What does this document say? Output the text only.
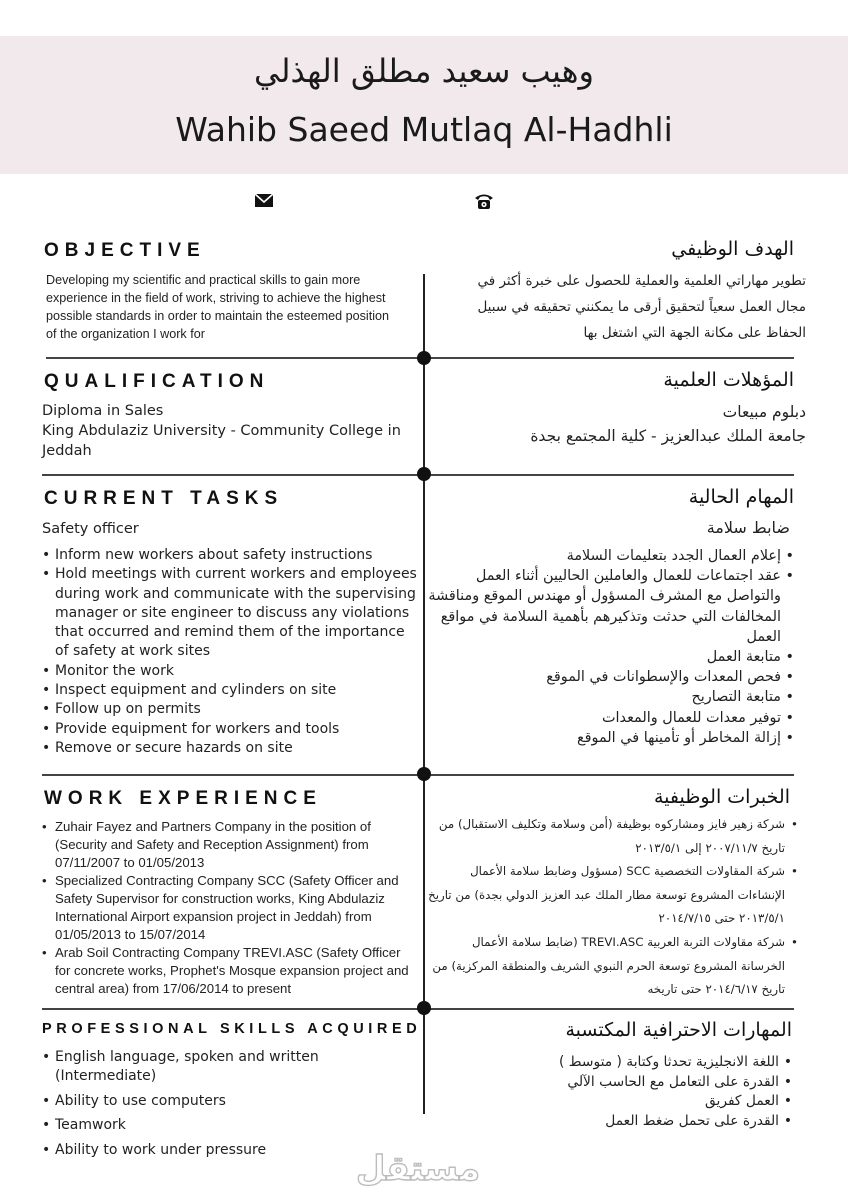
وهيب سعيد مطلق الهذلي
Wahib Saeed Mutlaq Al-Hadhli
OBJECTIVE	الهدف الوظيفي
Developing my scientific and practical skills to gain more
experience in the field of work, striving to achieve the highest
possible standards in order to maintain the esteemed position
of the organization I work for
تطوير مهاراتي العلمية والعملية للحصول على خبرة أكثر في
مجال العمل سعياً لتحقيق أرقى ما يمكنني تحقيقه في سبيل
الحفاظ على مكانة الجهة التي اشتغل بها
QUALIFICATION	المؤهلات العلمية
Diploma in Sales
King Abdulaziz University - Community College in
Jeddah
دبلوم مبيعات
جامعة الملك عبدالعزيز - كلية المجتمع بجدة
CURRENT TASKS	المهام الحالية
Safety officer	ضابط سلامة
• Inform new workers about safety instructions
• Hold meetings with current workers and employees during work and communicate with the supervising manager or site engineer to discuss any violations that occurred and remind them of the importance of safety at work sites
• Monitor the work
• Inspect equipment and cylinders on site
• Follow up on permits
• Provide equipment for workers and tools
• Remove or secure hazards on site
• إعلام العمال الجدد بتعليمات السلامة
• عقد اجتماعات للعمال والعاملين الحاليين أثناء العمل والتواصل مع المشرف المسؤول أو مهندس الموقع ومناقشة المخالفات التي حدثت وتذكيرهم بأهمية السلامة في مواقع العمل
• متابعة العمل
• فحص المعدات والإسطوانات في الموقع
• متابعة التصاريح
• توفير معدات للعمال والمعدات
• إزالة المخاطر أو تأمينها في الموقع
WORK EXPERIENCE	الخبرات الوظيفية
• Zuhair Fayez and Partners Company in the position of (Security and Safety and Reception Assignment) from 07/11/2007 to 01/05/2013
• Specialized Contracting Company SCC (Safety Officer and Safety Supervisor for construction works, King Abdulaziz International Airport expansion project in Jeddah) from 01/05/2013 to 15/07/2014
• Arab Soil Contracting Company TREVI.ASC (Safety Officer for concrete works, Prophet's Mosque expansion project and central area) from 17/06/2014 to present
• شركة زهير فايز ومشاركوه بوظيفة (أمن وسلامة وتكليف الاستقبال) من تاريخ ٢٠٠٧/١١/٧ إلى ٢٠١٣/٥/١
• شركة المقاولات التخصصية SCC (مسؤول وضابط سلامة الأعمال الإنشاءات المشروع توسعة مطار الملك عبد العزيز الدولي بجدة) من تاريخ ٢٠١٣/٥/١ حتى ٢٠١٤/٧/١٥
• شركة مقاولات التربة العربية TREVI.ASC (ضابط سلامة الأعمال الخرسانة المشروع توسعة الحرم النبوي الشريف والمنطقة المركزية) من تاريخ ٢٠١٤/٦/١٧ حتى تاريخه
PROFESSIONAL SKILLS ACQUIRED	المهارات الاحترافية المكتسبة
• English language, spoken and written (Intermediate)
• Ability to use computers
• Teamwork
• Ability to work under pressure
• اللغة الانجليزية تحدثا وكتابة ( متوسط )
• القدرة على التعامل مع الحاسب الآلي
• العمل كفريق
• القدرة على تحمل ضغط العمل
مستقل
